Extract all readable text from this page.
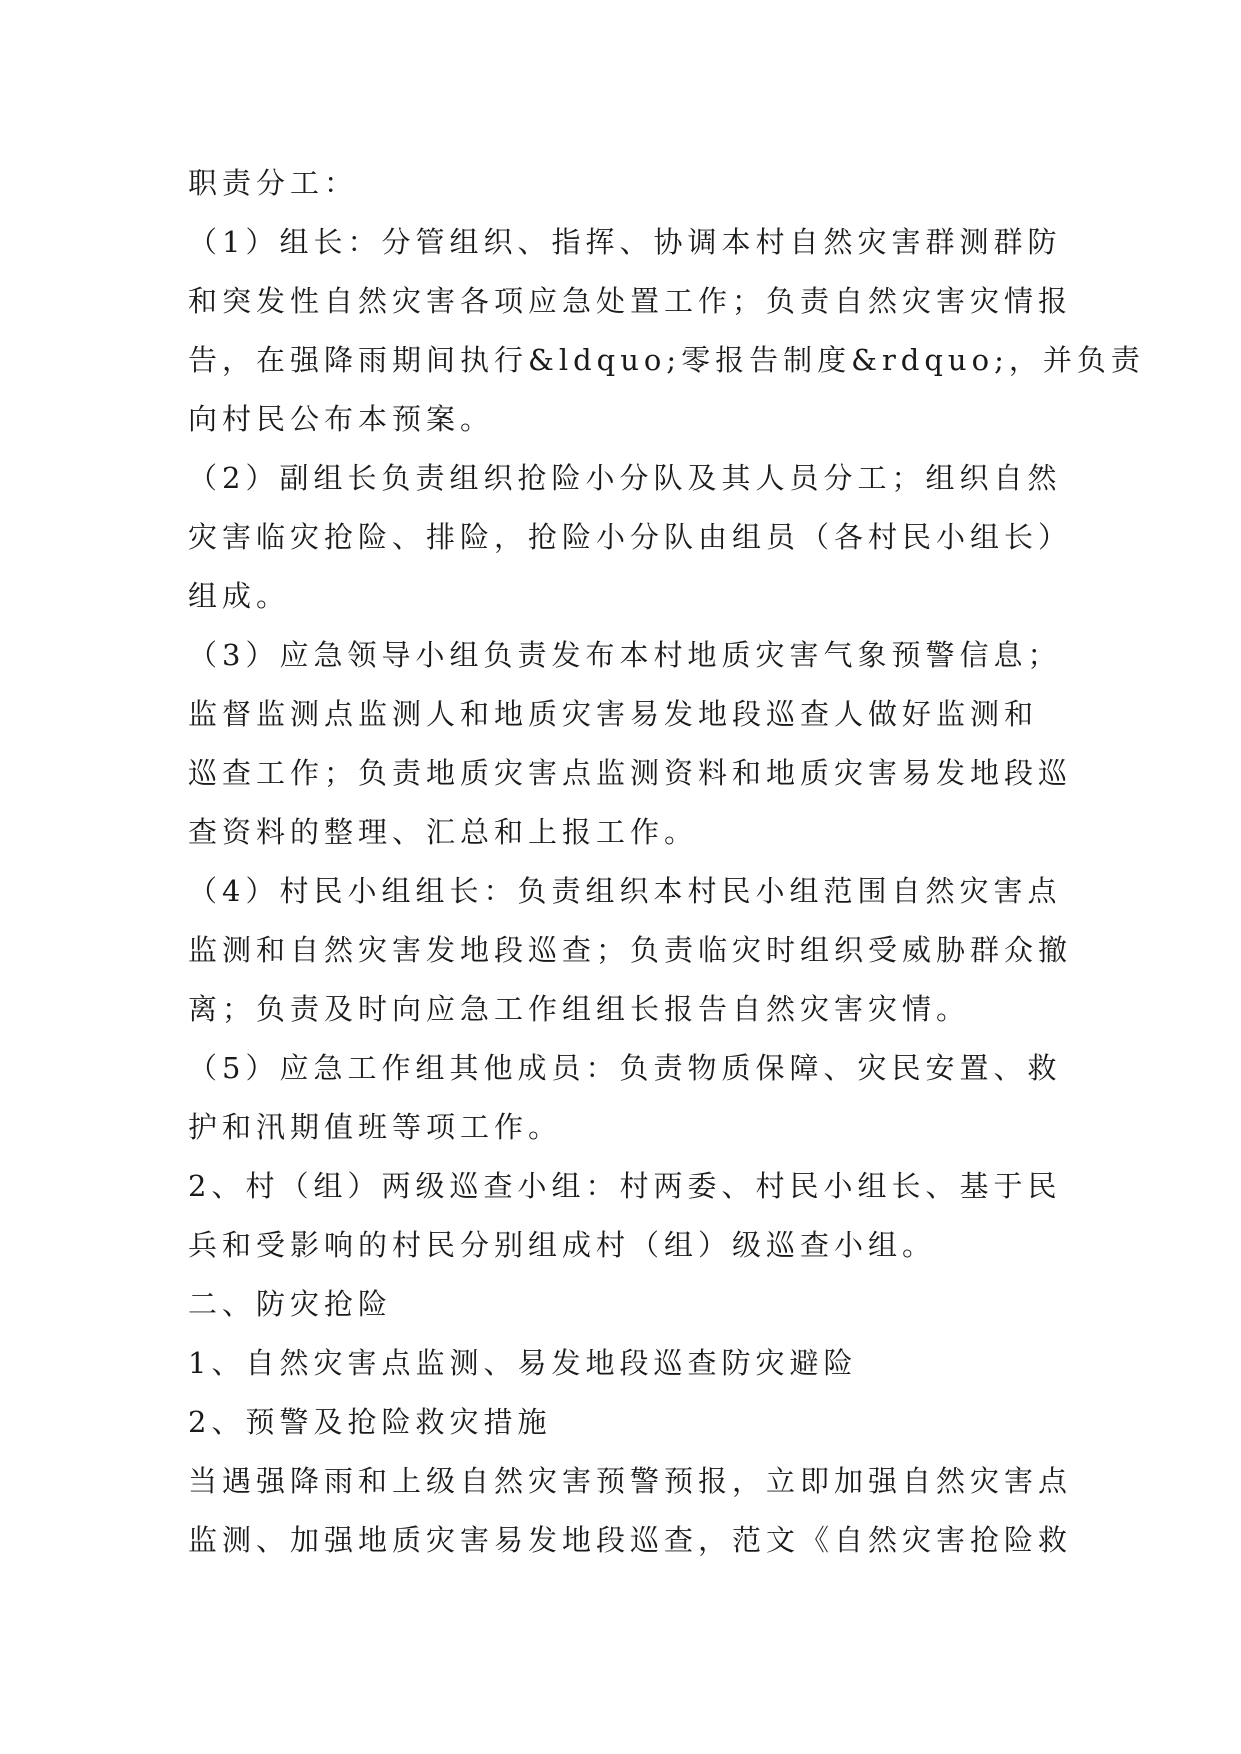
职责分工：
（1）组长：分管组织、指挥、协调本村自然灾害群测群防
和突发性自然灾害各项应急处置工作；负责自然灾害灾情报
告，在强降雨期间执行&ldquo;零报告制度&rdquo;，并负责
向村民公布本预案。
（2）副组长负责组织抢险小分队及其人员分工；组织自然
灾害临灾抢险、排险，抢险小分队由组员（各村民小组长）
组成。
（3）应急领导小组负责发布本村地质灾害气象预警信息；
监督监测点监测人和地质灾害易发地段巡查人做好监测和
巡查工作；负责地质灾害点监测资料和地质灾害易发地段巡
查资料的整理、汇总和上报工作。
（4）村民小组组长：负责组织本村民小组范围自然灾害点
监测和自然灾害发地段巡查；负责临灾时组织受威胁群众撤
离；负责及时向应急工作组组长报告自然灾害灾情。
（5）应急工作组其他成员：负责物质保障、灾民安置、救
护和汛期值班等项工作。
2、村（组）两级巡查小组：村两委、村民小组长、基于民
兵和受影响的村民分别组成村（组）级巡查小组。
二、防灾抢险
1、自然灾害点监测、易发地段巡查防灾避险
2、预警及抢险救灾措施
当遇强降雨和上级自然灾害预警预报，立即加强自然灾害点
监测、加强地质灾害易发地段巡查，范文《自然灾害抢险救
